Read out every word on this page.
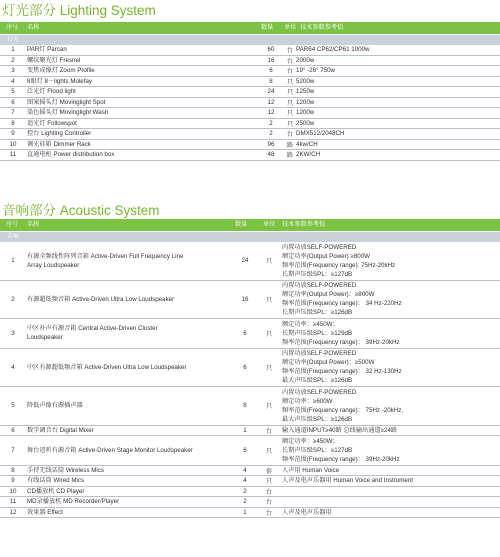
灯光部分 Lighting System
序号 名称	数量 单位 技术参数参考值
灯光
1	PAR灯 Parcan	60	台 PAR64 CP62/CP61 1000w
2	螺纹聚光灯 Fresnel	16	台 2000w
3	变焦成像灯 Zoom Profile	6	台 19° -26° 750w
4	8眼灯 8－lights Molefay	8	只 5200w
5	泛光灯 Flood light	24	只 1250w
6	图案摇头灯 Movinglight Spot	12	只 1200w
7	染色摇头灯 Movinglight Wash	12	只 1200w
8	追光灯 Followspot	2	只 2500w
9	控台 Lighting Controller	2	台 DMX512/2048CH
10	调光硅箱 Dimmer Rack	96	路 4kw/CH
11	直通电柜 Power distribution box	48	路 2KW/CH
音响部分 Acoustic System
序号 名称	数量	单位 技术参数参考值
音响
1
有源全频线性阵列音箱 Active-Driven Full Frequency Line
Array Loudspeaker
24	只
内置功放SELF-POWERED
额定功率(Output Power) ≥800W
频率范围(Frequency range): 75Hz-20kHz
长期声压级SPL：≥127dB
2	有源超低频音箱 Active-Driven Ultra Low Loudspeaker	16	只
内置功放SELF-POWERED
额定功率(Output Power)：≥800W
频率范围(Frequency range)： 34 Hz-220Hz
长期声压级SPL：≥126dB
3
中区补声有源音箱 Central Active-Driven Cluster
Loudspeaker
6	只
额定功率：≥450W；
长期声压级SPL：≥129dB
频率范围(Frequency range)： 39Hz-20kHz
4	中区有源超低频音箱 Active-Driven Ultra Low Loudspeaker	6	只
内置功放SELF-POWERED
额定功率(Output Power)：≥500W
频率范围(Frequency range)： 32 Hz-130Hz
最大声压级SPL：≥126dB
5	降低声像有源插声器	8	只
内置功放SELF-POWERED
额定功率：≥600W
频率范围(Frequency range)： 75Hz -20kHz,
最大声压级SPL：≥126dB
6	数字调音台 Digital Mixer	1	台	输入通道INPUT≥40路 总线输出通道≥24路
7	舞台返听有源音箱 Active-Driven Stage Monitor Loudspeaker	6	只
额定功率：≥450W；
长期声压级SPL：≥127dB
频率范围(Frequency range)： 39Hz-20kHz
8	手持无线话筒 Wireless Mics	4	套	人声用 Human Voice
9	有线话筒 Wired Mics	4	只	人声及电声乐器用 Human Voice and Instrument
10	CD播放机 CD Player	2	台
11	MD录播放机 MD Recorder/Player	2	台
12	效果器 Effect	1	台	人声及电声乐器用
